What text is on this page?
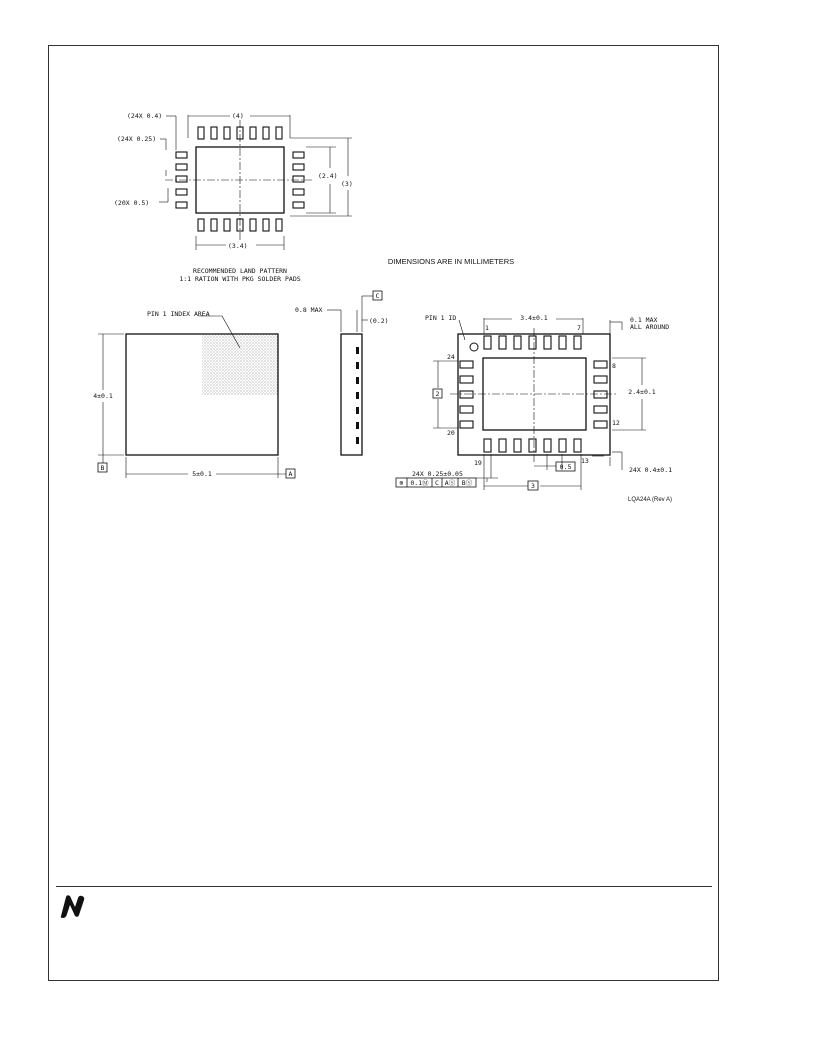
(24X 0.4)
(24X 0.25)
(20X 0.5)
(4)
(2.4)
(3)
(3.4)
RECOMMENDED LAND PATTERN
1:1 RATION WITH PKG SOLDER PADS
DIMENSIONS ARE IN MILLIMETERS
PIN 1 INDEX AREA
4±0.1
5±0.1
B
A
0.8 MAX
(0.2)
C
PIN 1 ID	3.4±0.1	0.1 MAX
ALL AROUND
1	7
8
12
13
19
20
24
2.4±0.1
2
0.5
3
24X 0.25±0.05	24X 0.4±0.1
⊕ 0.1Ⓜ C AⓈ BⓈ
LQA24A (Rev A)
